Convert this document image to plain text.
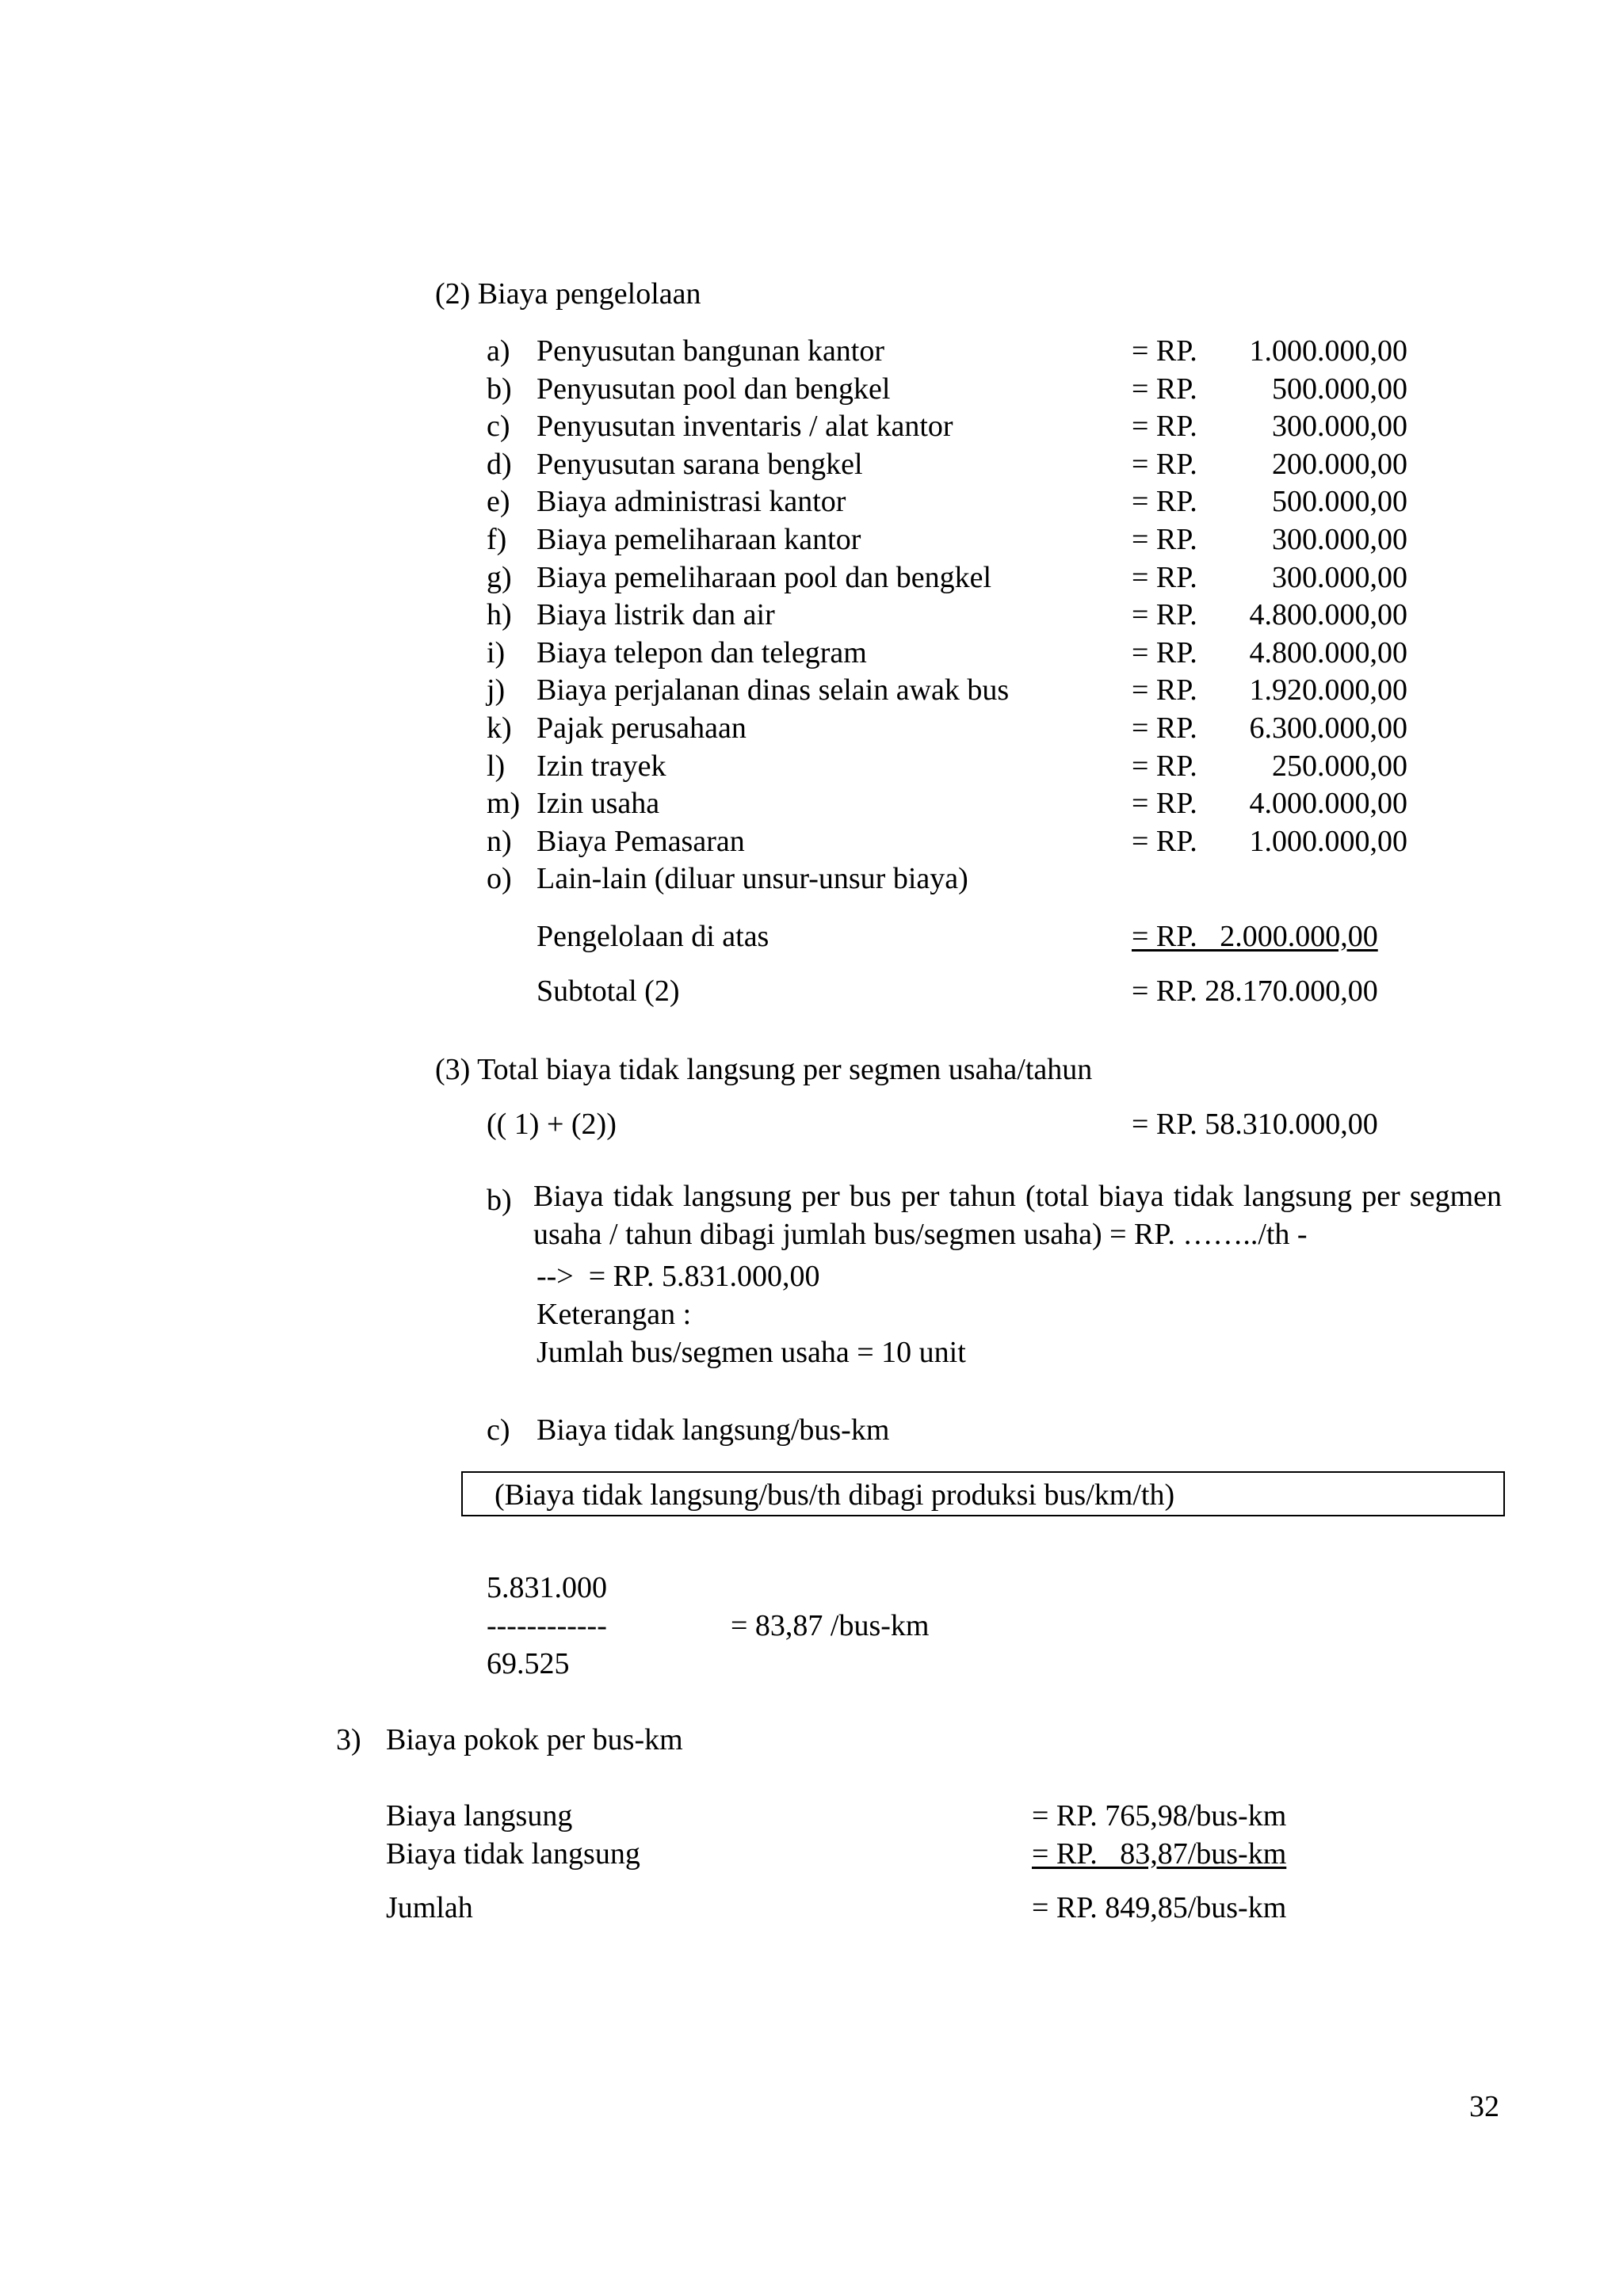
(2) Biaya pengelolaan
a) Penyusutan bangunan kantor	= RP. 1.000.000,00
b) Penyusutan pool dan bengkel	= RP. 500.000,00
c) Penyusutan inventaris / alat kantor	= RP. 300.000,00
d) Penyusutan sarana bengkel	= RP. 200.000,00
e) Biaya administrasi kantor	= RP. 500.000,00
f) Biaya pemeliharaan kantor	= RP. 300.000,00
g) Biaya pemeliharaan pool dan bengkel	= RP. 300.000,00
h) Biaya listrik dan air	= RP. 4.800.000,00
i) Biaya telepon dan telegram	= RP. 4.800.000,00
j) Biaya perjalanan dinas selain awak bus	= RP. 1.920.000,00
k) Pajak perusahaan	= RP. 6.300.000,00
l) Izin trayek	= RP. 250.000,00
m) Izin usaha	= RP. 4.000.000,00
n) Biaya Pemasaran	= RP. 1.000.000,00
o) Lain-lain (diluar unsur-unsur biaya)
Pengelolaan di atas	= RP.   2.000.000,00
Subtotal (2)	= RP. 28.170.000,00
(3) Total biaya tidak langsung per segmen usaha/tahun
(( 1) + (2))	= RP. 58.310.000,00
b) Biaya tidak langsung per bus per tahun (total biaya tidak langsung per segmen usaha / tahun dibagi jumlah bus/segmen usaha) = RP. ……../th -
-->  = RP. 5.831.000,00
Keterangan :
Jumlah bus/segmen usaha = 10 unit
c) Biaya tidak langsung/bus-km
(Biaya tidak langsung/bus/th dibagi produksi bus/km/th)
5.831.000
------------	= 83,87 /bus-km
69.525
3) Biaya pokok per bus-km
Biaya langsung	= RP. 765,98/bus-km
Biaya tidak langsung	= RP.   83,87/bus-km
Jumlah	= RP. 849,85/bus-km
32
